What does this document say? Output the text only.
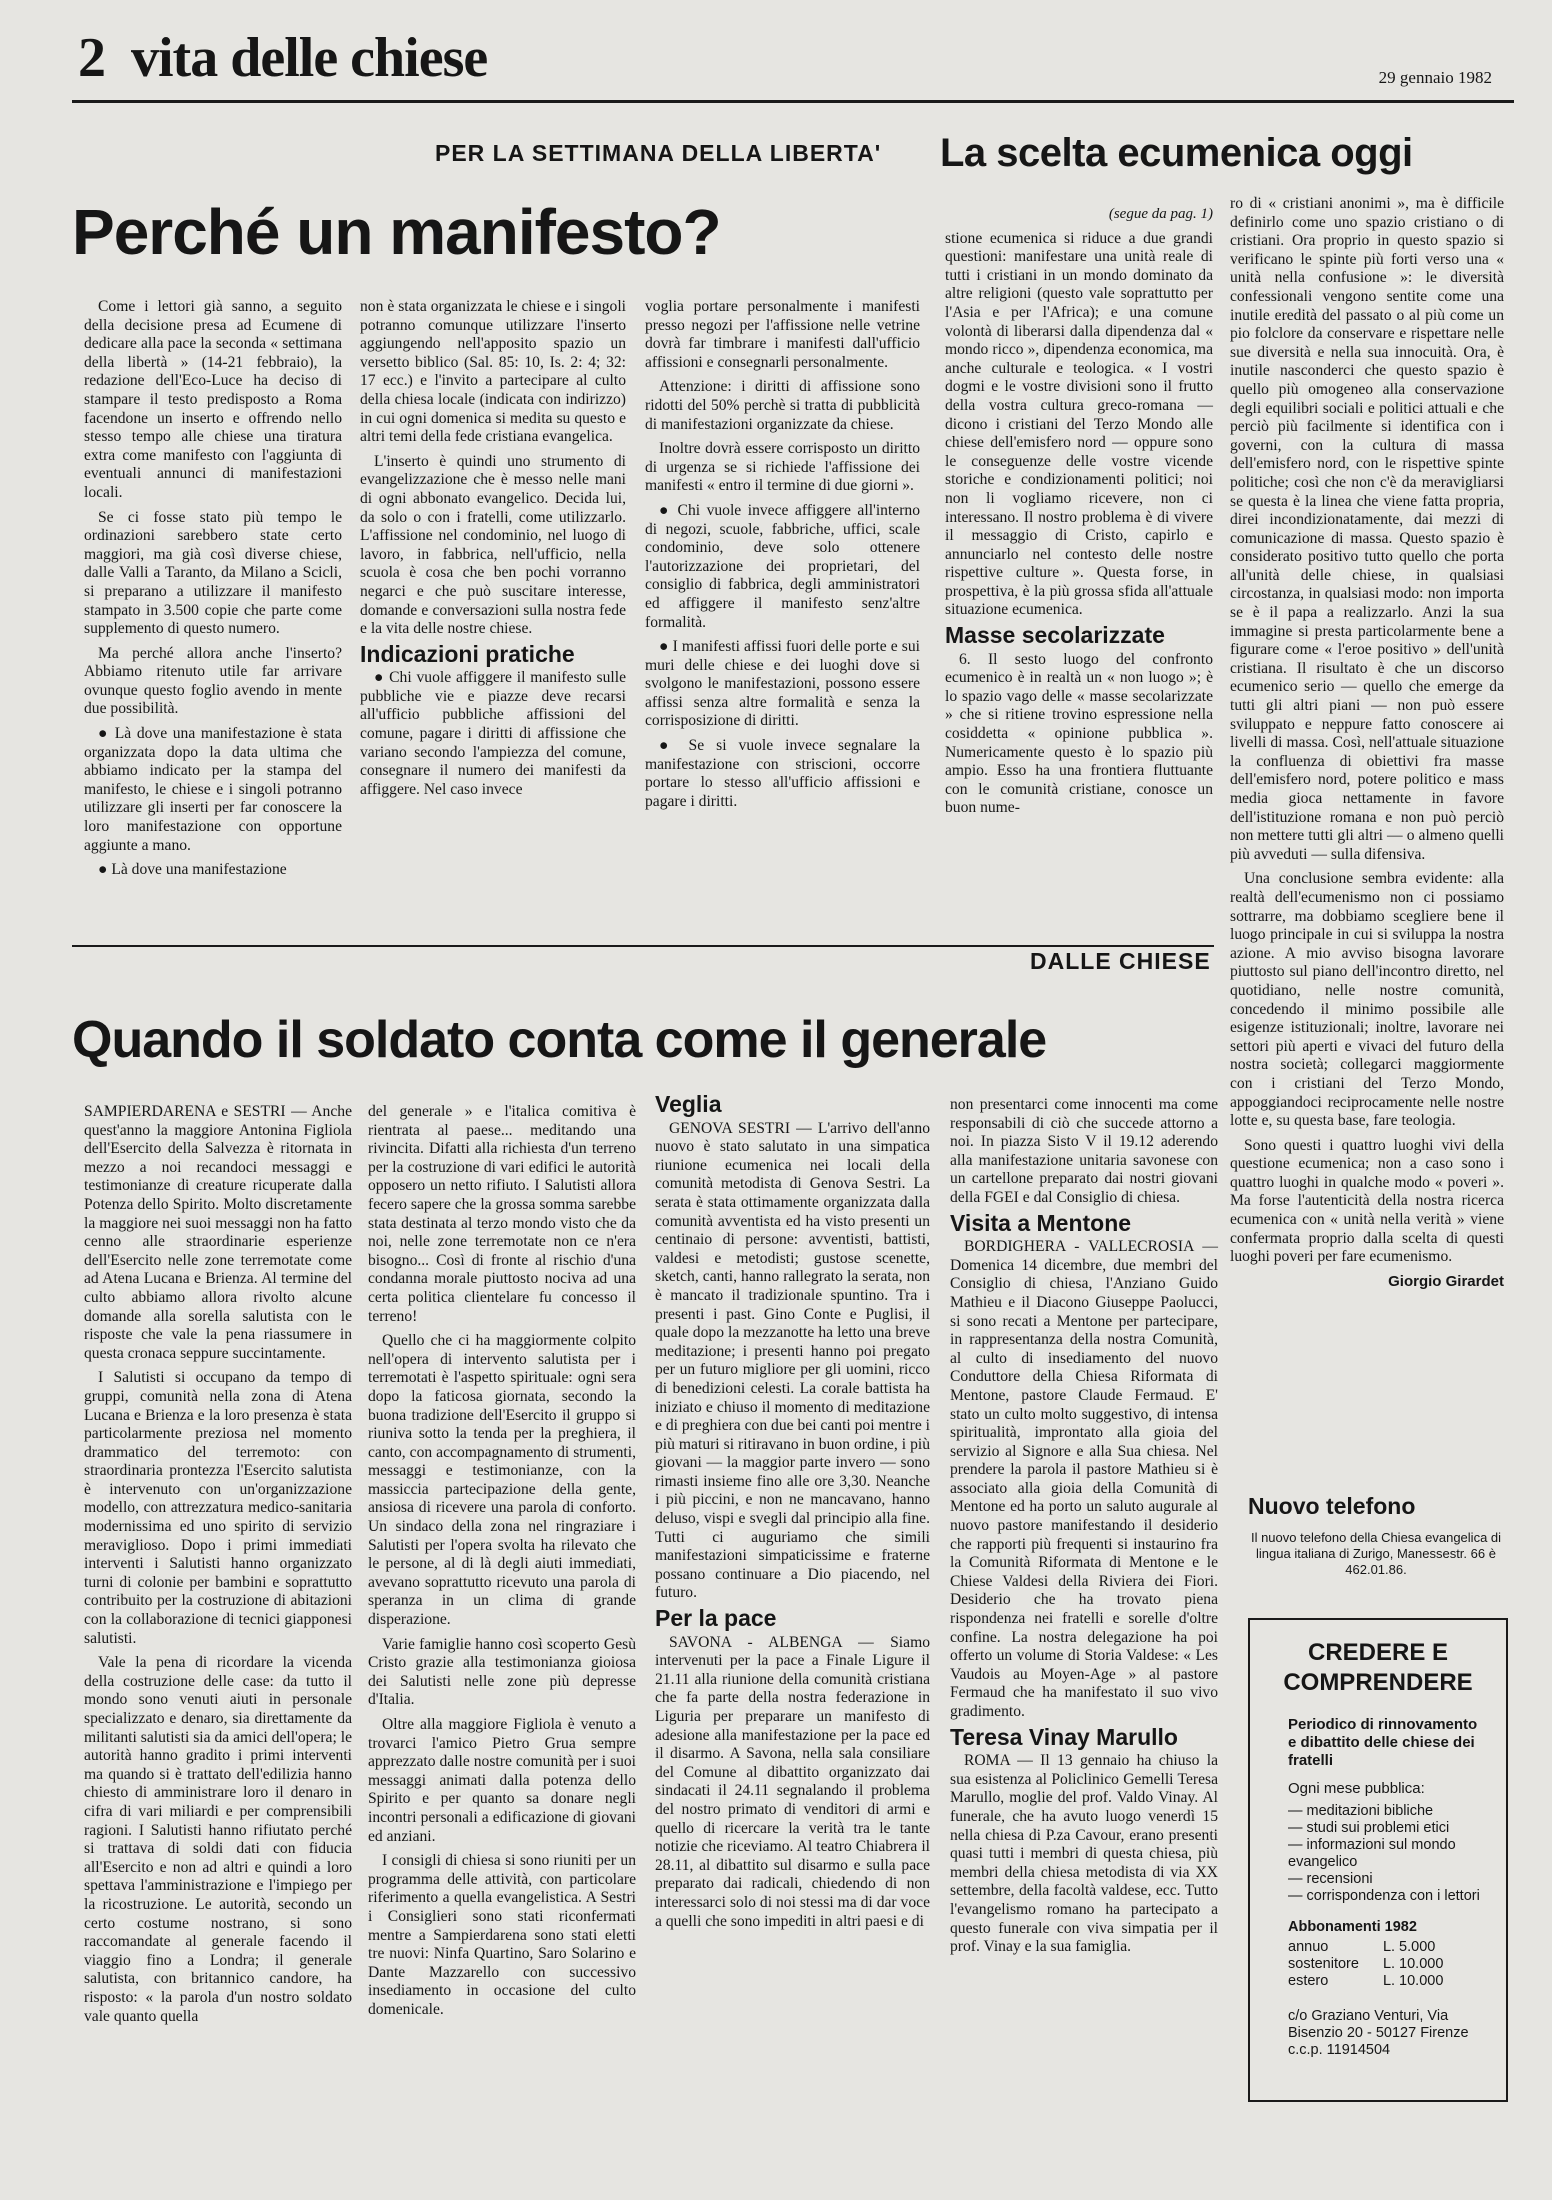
2 vita delle chiese	29 gennaio 1982
PER LA SETTIMANA DELLA LIBERTA'
Perché un manifesto?

Come i lettori già sanno, a seguito della decisione presa ad Ecumene di dedicare alla pace la seconda « settimana della libertà » (14-21 febbraio), la redazione dell'Eco-Luce ha deciso di stampare il testo predisposto a Roma facendone un inserto e offrendo nello stesso tempo alle chiese una tiratura extra come manifesto con l'aggiunta di eventuali annunci di manifestazioni locali.

Se ci fosse stato più tempo le ordinazioni sarebbero state certo maggiori, ma già così diverse chiese, dalle Valli a Taranto, da Milano a Scicli, si preparano a utilizzare il manifesto stampato in 3.500 copie che parte come supplemento di questo numero.

Ma perché allora anche l'inserto? Abbiamo ritenuto utile far arrivare ovunque questo foglio avendo in mente due possibilità.

● Là dove una manifestazione è stata organizzata dopo la data ultima che abbiamo indicato per la stampa del manifesto, le chiese e i singoli potranno utilizzare gli inserti per far conoscere la loro manifestazione con opportune aggiunte a mano.

● Là dove una manifestazione

non è stata organizzata le chiese e i singoli potranno comunque utilizzare l'inserto aggiungendo nell'apposito spazio un versetto biblico (Sal. 85: 10, Is. 2: 4; 32: 17 ecc.) e l'invito a partecipare al culto della chiesa locale (indicata con indirizzo) in cui ogni domenica si medita su questo e altri temi della fede cristiana evangelica.

L'inserto è quindi uno strumento di evangelizzazione che è messo nelle mani di ogni abbonato evangelico. Decida lui, da solo o con i fratelli, come utilizzarlo. L'affissione nel condominio, nel luogo di lavoro, in fabbrica, nell'ufficio, nella scuola è cosa che ben pochi vorranno negarci e che può suscitare interesse, domande e conversazioni sulla nostra fede e la vita delle nostre chiese.

Indicazioni pratiche

● Chi vuole affiggere il manifesto sulle pubbliche vie e piazze deve recarsi all'ufficio pubbliche affissioni del comune, pagare i diritti di affissione che variano secondo l'ampiezza del comune, consegnare il numero dei manifesti da affiggere. Nel caso invece

voglia portare personalmente i manifesti presso negozi per l'affissione nelle vetrine dovrà far timbrare i manifesti dall'ufficio affissioni e consegnarli personalmente.

Attenzione: i diritti di affissione sono ridotti del 50% perchè si tratta di pubblicità di manifestazioni organizzate da chiese.

Inoltre dovrà essere corrisposto un diritto di urgenza se si richiede l'affissione dei manifesti « entro il termine di due giorni ».

● Chi vuole invece affiggere all'interno di negozi, scuole, fabbriche, uffici, scale condominio, deve solo ottenere l'autorizzazione dei proprietari, del consiglio di fabbrica, degli amministratori ed affiggere il manifesto senz'altre formalità.

● I manifesti affissi fuori delle porte e sui muri delle chiese e dei luoghi dove si svolgono le manifestazioni, possono essere affissi senza altre formalità e senza la corrisposizione di diritti.

● Se si vuole invece segnalare la manifestazione con striscioni, occorre portare lo stesso all'ufficio affissioni e pagare i diritti.

La scelta ecumenica oggi

(segue da pag. 1)

stione ecumenica si riduce a due grandi questioni: manifestare una unità reale di tutti i cristiani in un mondo dominato da altre religioni (questo vale soprattutto per l'Asia e per l'Africa); e una comune volontà di liberarsi dalla dipendenza dal « mondo ricco », dipendenza economica, ma anche culturale e teologica. « I vostri dogmi e le vostre divisioni sono il frutto della vostra cultura greco-romana — dicono i cristiani del Terzo Mondo alle chiese dell'emisfero nord — oppure sono le conseguenze delle vostre vicende storiche e condizionamenti politici; noi non li vogliamo ricevere, non ci interessano. Il nostro problema è di vivere il messaggio di Cristo, capirlo e annunciarlo nel contesto delle nostre rispettive culture ». Questa forse, in prospettiva, è la più grossa sfida all'attuale situazione ecumenica.

Masse secolarizzate

6. Il sesto luogo del confronto ecumenico è in realtà un « non luogo »; è lo spazio vago delle « masse secolarizzate » che si ritiene trovino espressione nella cosiddetta « opinione pubblica ». Numericamente questo è lo spazio più ampio. Esso ha una frontiera fluttuante con le comunità cristiane, conosce un buon nume-

ro di « cristiani anonimi », ma è difficile definirlo come uno spazio cristiano o di cristiani. Ora proprio in questo spazio si verificano le spinte più forti verso una « unità nella confusione »: le diversità confessionali vengono sentite come una inutile eredità del passato o al più come un pio folclore da conservare e rispettare nelle sue diversità e nella sua innocuità. Ora, è inutile nasconderci che questo spazio è quello più omogeneo alla conservazione degli equilibri sociali e politici attuali e che perciò più facilmente si identifica con i governi, con la cultura di massa dell'emisfero nord, con le rispettive spinte politiche; così che non c'è da meravigliarsi se questa è la linea che viene fatta propria, direi incondizionatamente, dai mezzi di comunicazione di massa. Questo spazio è considerato positivo tutto quello che porta all'unità delle chiese, in qualsiasi circostanza, in qualsiasi modo: non importa se è il papa a realizzarlo. Anzi la sua immagine si presta particolarmente bene a figurare come « l'eroe positivo » dell'unità cristiana. Il risultato è che un discorso ecumenico serio — quello che emerge da tutti gli altri piani — non può essere sviluppato e neppure fatto conoscere ai livelli di massa. Così, nell'attuale situazione la confluenza di obiettivi fra masse dell'emisfero nord, potere politico e mass media gioca nettamente in favore dell'istituzione romana e non può perciò non mettere tutti gli altri — o almeno quelli più avveduti — sulla difensiva.

Una conclusione sembra evidente: alla realtà dell'ecumenismo non ci possiamo sottrarre, ma dobbiamo scegliere bene il luogo principale in cui si sviluppa la nostra azione. A mio avviso bisogna lavorare piuttosto sul piano dell'incontro diretto, nel quotidiano, nelle nostre comunità, concedendo il minimo possibile alle esigenze istituzionali; inoltre, lavorare nei settori più aperti e vivaci del futuro della nostra società; collegarci maggiormente con i cristiani del Terzo Mondo, appoggiandoci reciprocamente nelle nostre lotte e, su questa base, fare teologia.

Sono questi i quattro luoghi vivi della questione ecumenica; non a caso sono i quattro luoghi in qualche modo « poveri ». Ma forse l'autenticità della nostra ricerca ecumenica con « unità nella verità » viene confermata proprio dalla scelta di questi luoghi poveri per fare ecumenismo.

Giorgio Girardet

DALLE CHIESE
Quando il soldato conta come il generale

SAMPIERDARENA e SESTRI — Anche quest'anno la maggiore Antonina Figliola dell'Esercito della Salvezza è ritornata in mezzo a noi recandoci messaggi e testimonianze di creature ricuperate dalla Potenza dello Spirito. Molto discretamente la maggiore nei suoi messaggi non ha fatto cenno alle straordinarie esperienze dell'Esercito nelle zone terremotate come ad Atena Lucana e Brienza. Al termine del culto abbiamo allora rivolto alcune domande alla sorella salutista con le risposte che vale la pena riassumere in questa cronaca seppure succintamente.

I Salutisti si occupano da tempo di gruppi, comunità nella zona di Atena Lucana e Brienza e la loro presenza è stata particolarmente preziosa nel momento drammatico del terremoto: con straordinaria prontezza l'Esercito salutista è intervenuto con un'organizzazione modello, con attrezzatura medico-sanitaria modernissima ed uno spirito di servizio meraviglioso. Dopo i primi immediati interventi i Salutisti hanno organizzato turni di colonie per bambini e soprattutto contribuito per la costruzione di abitazioni con la collaborazione di tecnici giapponesi salutisti.

Vale la pena di ricordare la vicenda della costruzione delle case: da tutto il mondo sono venuti aiuti in personale specializzato e denaro, sia direttamente da militanti salutisti sia da amici dell'opera; le autorità hanno gradito i primi interventi ma quando si è trattato dell'edilizia hanno chiesto di amministrare loro il denaro in cifra di vari miliardi e per comprensibili ragioni. I Salutisti hanno rifiutato perché si trattava di soldi dati con fiducia all'Esercito e non ad altri e quindi a loro spettava l'amministrazione e l'impiego per la ricostruzione. Le autorità, secondo un certo costume nostrano, si sono raccomandate al generale facendo il viaggio fino a Londra; il generale salutista, con britannico candore, ha risposto: « la parola d'un nostro soldato vale quanto quella

del generale » e l'italica comitiva è rientrata al paese... meditando una rivincita. Difatti alla richiesta d'un terreno per la costruzione di vari edifici le autorità opposero un netto rifiuto. I Salutisti allora fecero sapere che la grossa somma sarebbe stata destinata al terzo mondo visto che da noi, nelle zone terremotate non ce n'era bisogno... Così di fronte al rischio d'una condanna morale piuttosto nociva ad una certa politica clientelare fu concesso il terreno!

Quello che ci ha maggiormente colpito nell'opera di intervento salutista per i terremotati è l'aspetto spirituale: ogni sera dopo la faticosa giornata, secondo la buona tradizione dell'Esercito il gruppo si riuniva sotto la tenda per la preghiera, il canto, con accompagnamento di strumenti, messaggi e testimonianze, con la massiccia partecipazione della gente, ansiosa di ricevere una parola di conforto. Un sindaco della zona nel ringraziare i Salutisti per l'opera svolta ha rilevato che le persone, al di là degli aiuti immediati, avevano soprattutto ricevuto una parola di speranza in un clima di grande disperazione.

Varie famiglie hanno così scoperto Gesù Cristo grazie alla testimonianza gioiosa dei Salutisti nelle zone più depresse d'Italia.

Oltre alla maggiore Figliola è venuto a trovarci l'amico Pietro Grua sempre apprezzato dalle nostre comunità per i suoi messaggi animati dalla potenza dello Spirito e per quanto sa donare negli incontri personali a edificazione di giovani ed anziani.

I consigli di chiesa si sono riuniti per un programma delle attività, con particolare riferimento a quella evangelistica. A Sestri i Consiglieri sono stati riconfermati mentre a Sampierdarena sono stati eletti tre nuovi: Ninfa Quartino, Saro Solarino e Dante Mazzarello con successivo insediamento in occasione del culto domenicale.

Veglia

GENOVA SESTRI — L'arrivo dell'anno nuovo è stato salutato in una simpatica riunione ecumenica nei locali della comunità metodista di Genova Sestri. La serata è stata ottimamente organizzata dalla comunità avventista ed ha visto presenti un centinaio di persone: avventisti, battisti, valdesi e metodisti; gustose scenette, sketch, canti, hanno rallegrato la serata, non è mancato il tradizionale spuntino. Tra i presenti i past. Gino Conte e Puglisi, il quale dopo la mezzanotte ha letto una breve meditazione; i presenti hanno poi pregato per un futuro migliore per gli uomini, ricco di benedizioni celesti. La corale battista ha iniziato e chiuso il momento di meditazione e di preghiera con due bei canti poi mentre i più maturi si ritiravano in buon ordine, i più giovani — la maggior parte invero — sono rimasti insieme fino alle ore 3,30. Neanche i più piccini, e non ne mancavano, hanno deluso, vispi e svegli dal principio alla fine. Tutti ci auguriamo che simili manifestazioni simpaticissime e fraterne possano continuare a Dio piacendo, nel futuro.

Per la pace

SAVONA - ALBENGA — Siamo intervenuti per la pace a Finale Ligure il 21.11 alla riunione della comunità cristiana che fa parte della nostra federazione in Liguria per preparare un manifesto di adesione alla manifestazione per la pace ed il disarmo. A Savona, nella sala consiliare del Comune al dibattito organizzato dai sindacati il 24.11 segnalando il problema del nostro primato di venditori di armi e quello di ricercare la verità tra le tante notizie che riceviamo. Al teatro Chiabrera il 28.11, al dibattito sul disarmo e sulla pace preparato dai radicali, chiedendo di non interessarci solo di noi stessi ma di dar voce a quelli che sono impediti in altri paesi e di

non presentarci come innocenti ma come responsabili di ciò che succede attorno a noi. In piazza Sisto V il 19.12 aderendo alla manifestazione unitaria savonese con un cartellone preparato dai nostri giovani della FGEI e dal Consiglio di chiesa.

Visita a Mentone

BORDIGHERA - VALLECROSIA — Domenica 14 dicembre, due membri del Consiglio di chiesa, l'Anziano Guido Mathieu e il Diacono Giuseppe Paolucci, si sono recati a Mentone per partecipare, in rappresentanza della nostra Comunità, al culto di insediamento del nuovo Conduttore della Chiesa Riformata di Mentone, pastore Claude Fermaud. E' stato un culto molto suggestivo, di intensa spiritualità, improntato alla gioia del servizio al Signore e alla Sua chiesa. Nel prendere la parola il pastore Mathieu si è associato alla gioia della Comunità di Mentone ed ha porto un saluto augurale al nuovo pastore manifestando il desiderio che rapporti più frequenti si instaurino fra la Comunità Riformata di Mentone e le Chiese Valdesi della Riviera dei Fiori. Desiderio che ha trovato piena rispondenza nei fratelli e sorelle d'oltre confine. La nostra delegazione ha poi offerto un volume di Storia Valdese: « Les Vaudois au Moyen-Age » al pastore Fermaud che ha manifestato il suo vivo gradimento.

Teresa Vinay Marullo

ROMA — Il 13 gennaio ha chiuso la sua esistenza al Policlinico Gemelli Teresa Marullo, moglie del prof. Valdo Vinay. Al funerale, che ha avuto luogo venerdì 15 nella chiesa di P.za Cavour, erano presenti quasi tutti i membri di questa chiesa, più membri della chiesa metodista di via XX settembre, della facoltà valdese, ecc. Tutto l'evangelismo romano ha partecipato a questo funerale con viva simpatia per il prof. Vinay e la sua famiglia.

Nuovo telefono
Il nuovo telefono della Chiesa evangelica di lingua italiana di Zurigo, Manessestr. 66 è 462.01.86.
CREDERE E
COMPRENDERE
Periodico di rinnovamento e dibattito delle chiese dei fratelli
Ogni mese pubblica:
— meditazioni bibliche
— studi sui problemi etici
— informazioni sul mondo evangelico
— recensioni
— corrispondenza con i lettori
Abbonamenti 1982
annuo	L. 5.000
sostenitore	L. 10.000
estero	L. 10.000
c/o Graziano Venturi, Via Bisenzio 20 - 50127 Firenze c.c.p. 11914504
